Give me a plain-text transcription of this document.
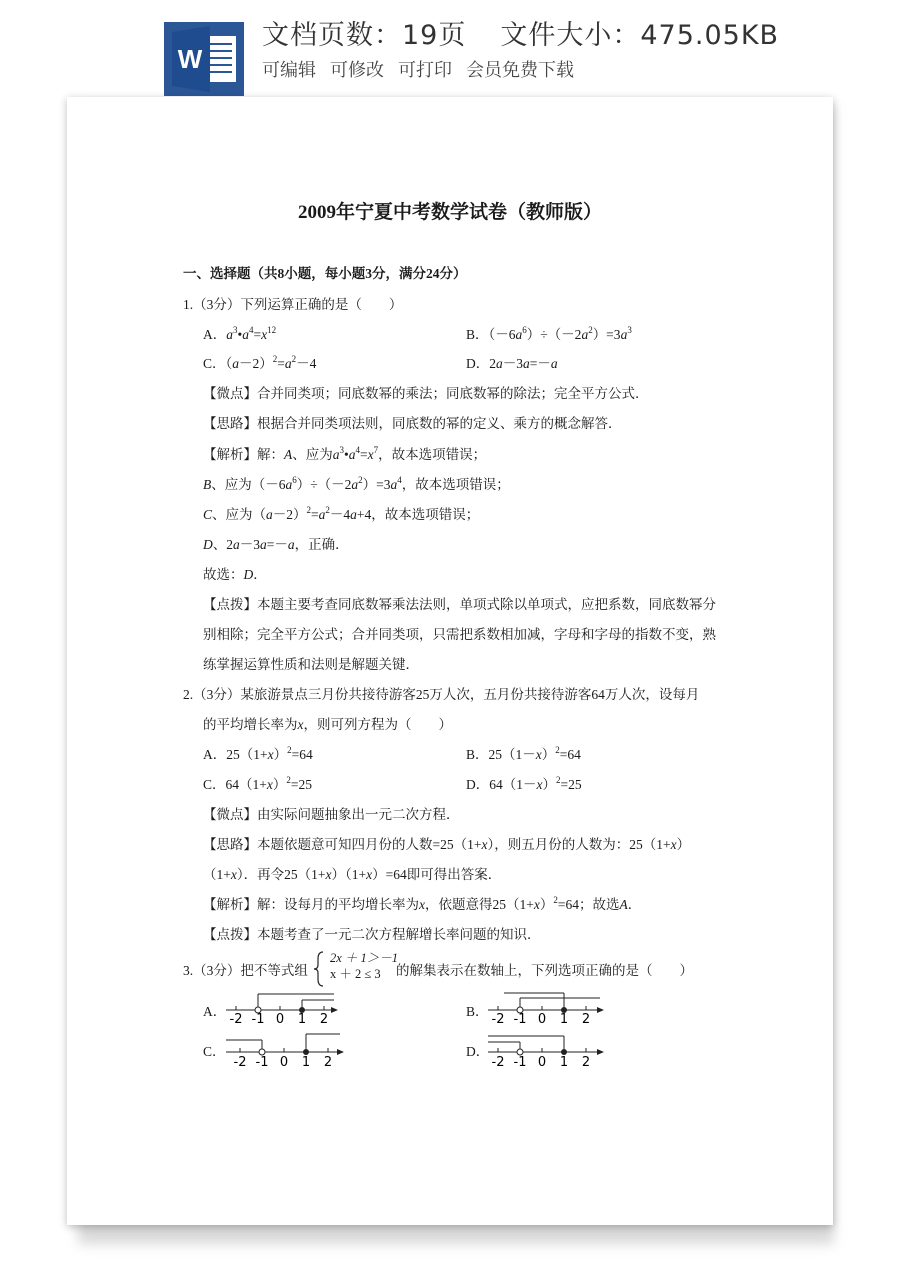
W
文档页数：19页 文件大小：475.05KB
可编辑 可修改 可打印 会员免费下载
2009年宁夏中考数学试卷（教师版）
一、选择题（共8小题，每小题3分，满分24分）
1.（3分）下列运算正确的是（　　）
A．$a^3•a^4=x^{12}$	B．$(-6a^6)\div(-2a^2)=3a^3$
C．$(a-2)^2=a^2-4$	D．2a－3a=－a
【微点】合并同类项；同底数幂的乘法；同底数幂的除法；完全平方公式．
【思路】根据合并同类项法则，同底数的幂的定义、乘方的概念解答．
【解析】解：A、应为$a^3•a^4=x^7$，故本选项错误；
B、应为$(-6a^6)\div(-2a^2)=3a^4$，故本选项错误；
C、应为$(a-2)^2=a^2-4a+4$，故本选项错误；
D、2a－3a=－a，正确．
故选：D．
【点拨】本题主要考查同底数幂乘法法则，单项式除以单项式，应把系数，同底数幂分
别相除；完全平方公式；合并同类项，只需把系数相加减，字母和字母的指数不变，熟
练掌握运算性质和法则是解题关键．
2.（3分）某旅游景点三月份共接待游客25万人次，五月份共接待游客64万人次，设每月
的平均增长率为x，则可列方程为（　　）
A．$25(1+x)^2=64$	B．$25(1-x)^2=64$
C．$64(1+x)^2=25$	D．$64(1-x)^2=25$
【微点】由实际问题抽象出一元二次方程．
【思路】本题依题意可知四月份的人数=25（1+x），则五月份的人数为：25（1+x）
（1+x）．再令25（1+x）（1+x）=64即可得出答案．
【解析】解：设每月的平均增长率为x，依题意得$25(1+x)^2=64$；故选A．
【点拨】本题考查了一元二次方程解增长率问题的知识．
3.（3分）把不等式组
2x ＋ 1＞－1
x ＋ 2 ≤ 3	的解集表示在数轴上，下列选项正确的是（　　）
A．	B．
C．	D．
-2 -1 0 1 2	-2 -1 0 1 2
-2 -1 0 1 2	-2 -1 0 1 2
